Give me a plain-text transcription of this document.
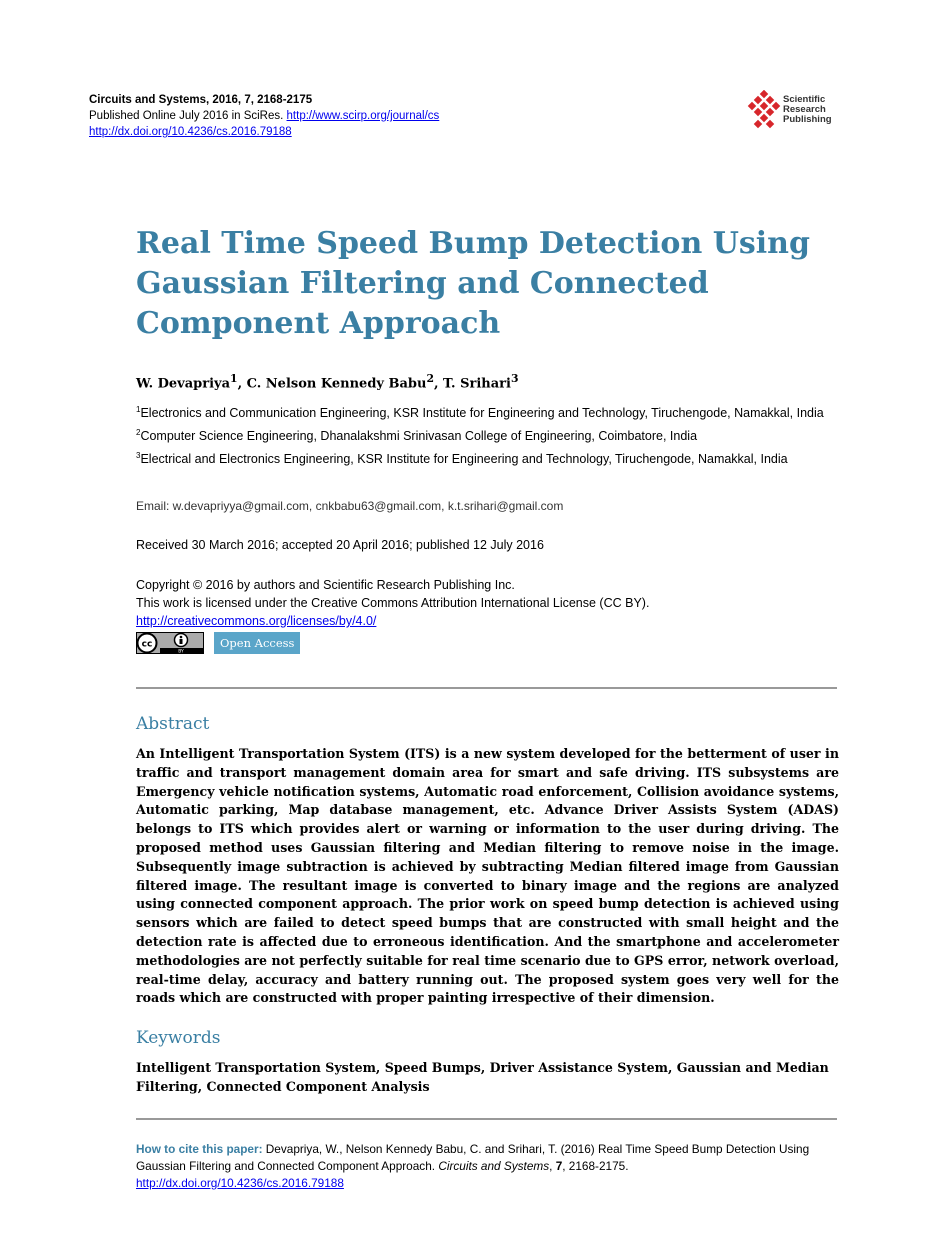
Circuits and Systems, 2016, 7, 2168-2175
Published Online July 2016 in SciRes. http://www.scirp.org/journal/cs
http://dx.doi.org/10.4236/cs.2016.79188
Scientific
Research
Publishing
Real Time Speed Bump Detection Using Gaussian Filtering and Connected Component Approach
W. Devapriya$^1$, C. Nelson Kennedy Babu$^2$, T. Srihari$^3$
$^1$Electronics and Communication Engineering, KSR Institute for Engineering and Technology, Tiruchengode, Namakkal, India
$^2$Computer Science Engineering, Dhanalakshmi Srinivasan College of Engineering, Coimbatore, India
$^3$Electrical and Electronics Engineering, KSR Institute for Engineering and Technology, Tiruchengode, Namakkal, India
Email: w.devapriyya@gmail.com, cnkbabu63@gmail.com, k.t.srihari@gmail.com
Received 30 March 2016; accepted 20 April 2016; published 12 July 2016
Copyright © 2016 by authors and Scientific Research Publishing Inc.
This work is licensed under the Creative Commons Attribution International License (CC BY).
http://creativecommons.org/licenses/by/4.0/
cc
BY
Open Access
Abstract

An Intelligent Transportation System (ITS) is a new system developed for the betterment of user in traffic and transport management domain area for smart and safe driving. ITS subsystems are Emergency vehicle notification systems, Automatic road enforcement, Collision avoidance systems, Automatic parking, Map database management, etc. Advance Driver Assists System (ADAS) belongs to ITS which provides alert or warning or information to the user during driving. The proposed method uses Gaussian filtering and Median filtering to remove noise in the image. Subsequently image subtraction is achieved by subtracting Median filtered image from Gaussian filtered image. The resultant image is converted to binary image and the regions are analyzed using connected component approach. The prior work on speed bump detection is achieved using sensors which are failed to detect speed bumps that are constructed with small height and the detection rate is affected due to erroneous identification. And the smartphone and accelerometer methodologies are not perfectly suitable for real time scenario due to GPS error, network overload, real-time delay, accuracy and battery running out. The proposed system goes very well for the roads which are constructed with proper painting irrespective of their dimension.

Keywords

Intelligent Transportation System, Speed Bumps, Driver Assistance System, Gaussian and Median Filtering, Connected Component Analysis

How to cite this paper: Devapriya, W., Nelson Kennedy Babu, C. and Srihari, T. (2016) Real Time Speed Bump Detection Using Gaussian Filtering and Connected Component Approach. Circuits and Systems, 7, 2168-2175.
http://dx.doi.org/10.4236/cs.2016.79188
